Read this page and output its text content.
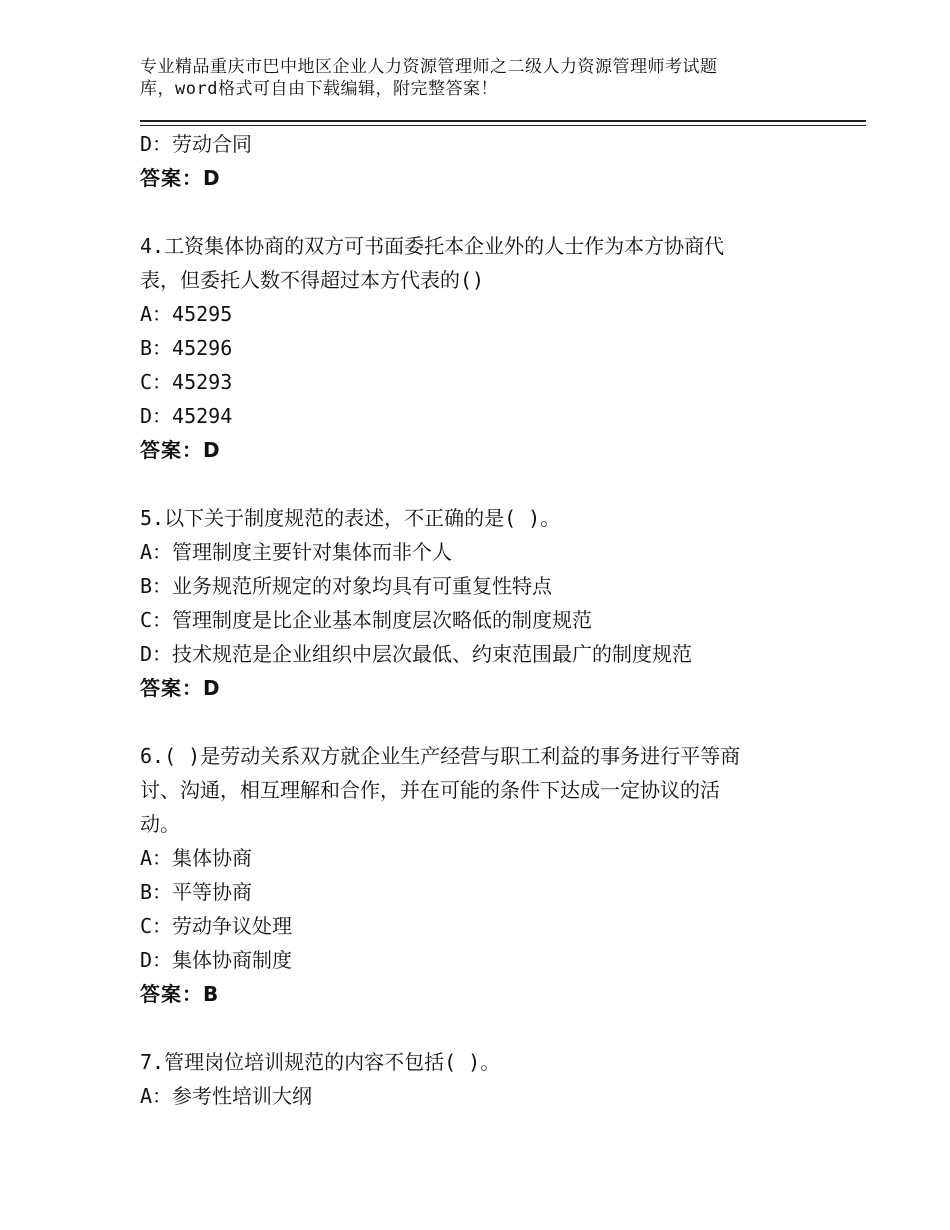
专业精品重庆市巴中地区企业人力资源管理师之二级人力资源管理师考试题
库，word格式可自由下载编辑，附完整答案！
D：劳动合同
答案：D
4.工资集体协商的双方可书面委托本企业外的人士作为本方协商代
表，但委托人数不得超过本方代表的()
A：45295
B：45296
C：45293
D：45294
答案：D
5.以下关于制度规范的表述，不正确的是( )。
A：管理制度主要针对集体而非个人
B：业务规范所规定的对象均具有可重复性特点
C：管理制度是比企业基本制度层次略低的制度规范
D：技术规范是企业组织中层次最低、约束范围最广的制度规范
答案：D
6.( )是劳动关系双方就企业生产经营与职工利益的事务进行平等商
讨、沟通，相互理解和合作，并在可能的条件下达成一定协议的活
动。
A：集体协商
B：平等协商
C：劳动争议处理
D：集体协商制度
答案：B
7.管理岗位培训规范的内容不包括( )。
A：参考性培训大纲
